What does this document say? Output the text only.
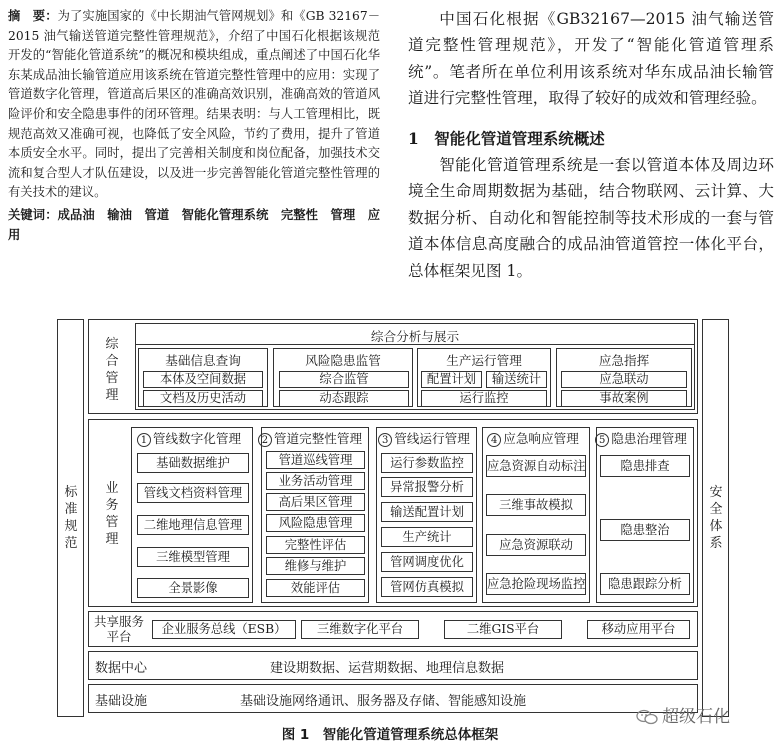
摘　要：为了实施国家的《中长期油气管网规划》和《GB 32167－2015 油气输送管道完整性管理规范》，介绍了中国石化根据该规范开发的“智能化管道系统”的概况和模块组成，重点阐述了中国石化华东某成品油长输管道应用该系统在管道完整性管理中的应用：实现了管道数字化管理，管道高后果区的准确高效识别，准确高效的管道风险评价和安全隐患事件的闭环管理。结果表明：与人工管理相比，既规范高效又准确可视，也降低了安全风险，节约了费用，提升了管道本质安全水平。同时，提出了完善相关制度和岗位配备，加强技术交流和复合型人才队伍建设，以及进一步完善智能化管道完整性管理的有关技术的建议。

关键词：成品油　输油　管道　智能化管理系统　完整性　管理　应用

中国石化根据《GB32167—2015 油气输送管道完整性管理规范》，开发了“智能化管道管理系统”。笔者所在单位利用该系统对华东成品油长输管道进行完整性管理，取得了较好的成效和管理经验。

1　智能化管道管理系统概述

智能化管道管理系统是一套以管道本体及周边环境全生命周期数据为基础，结合物联网、云计算、大数据分析、自动化和智能控制等技术形成的一套与管道本体信息高度融合的成品油管道管控一体化平台，总体框架见图 1。

标准规范
安全体系
综合管理
综合分析与展示
基础信息查询
本体及空间数据
文档及历史活动
风险隐患监管
综合监管
动态跟踪
生产运行管理
配置计划	输送统计
运行监控
应急指挥
应急联动
事故案例
业务管理
1 管线数字化管理
基础数据维护
管线文档资料管理
二维地理信息管理
三维模型管理
全景影像
2 管道完整性管理
管道巡线管理
业务活动管理
高后果区管理
风险隐患管理
完整性评估
维修与维护
效能评估
3 管线运行管理
运行参数监控
异常报警分析
输送配置计划
生产统计
管网调度优化
管网仿真模拟
4 应急响应管理
应急资源自动标注
三维事故模拟
应急资源联动
应急抢险现场监控
5 隐患治理管理
隐患排查
隐患整治
隐患跟踪分析
共享服务平台	企业服务总线（ESB）	三维数字化平台	二维GIS平台	移动应用平台
数据中心	建设期数据、运营期数据、地理信息数据
基础设施	基础设施网络通讯、服务器及存储、智能感知设施
超级石化
图 1　智能化管道管理系统总体框架
